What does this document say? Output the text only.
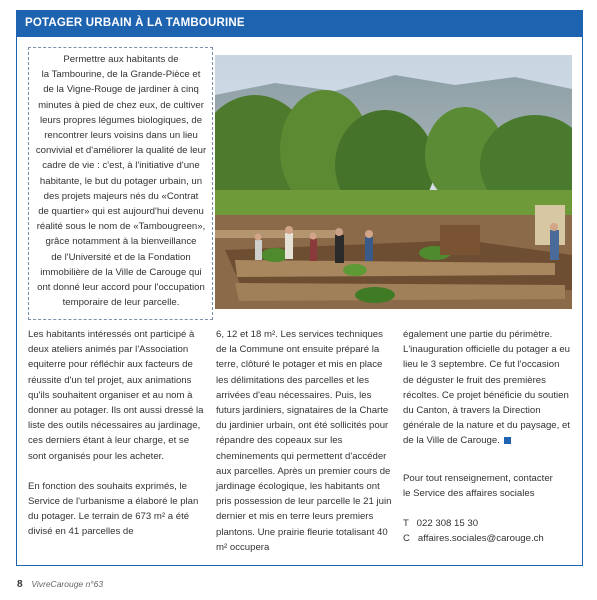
POTAGER URBAIN À LA TAMBOURINE
Permettre aux habitants de
la Tambourine, de la Grande-Pièce et
de la Vigne-Rouge de jardiner à cinq
minutes à pied de chez eux, de cultiver
leurs propres légumes biologiques, de
rencontrer leurs voisins dans un lieu
convivial et d'améliorer la qualité de leur
cadre de vie : c'est, à l'initiative d'une
habitante, le but du potager urbain, un
des projets majeurs nés du «Contrat
de quartier» qui est aujourd'hui devenu
réalité sous le nom de «Tambougreen»,
grâce notamment à la bienveillance
de l'Université et de la Fondation
immobilière de la Ville de Carouge qui
ont donné leur accord pour l'occupation
temporaire de leur parcelle.

Les habitants intéressés ont participé à deux ateliers animés par l'Association equiterre pour réfléchir aux facteurs de réussite d'un tel projet, aux animations qu'ils souhaitent organiser et au nom à donner au potager. Ils ont aussi dressé la liste des outils nécessaires au jardinage, ces derniers étant à leur charge, et se sont organisés pour les acheter.

En fonction des souhaits exprimés, le Service de l'urbanisme a élaboré le plan du potager. Le terrain de 673 m² a été divisé en 41 parcelles de

6, 12 et 18 m². Les services techniques de la Commune ont ensuite préparé la terre, clôturé le potager et mis en place les délimitations des parcelles et les arrivées d'eau nécessaires. Puis, les futurs jardiniers, signataires de la Charte du jardinier urbain, ont été sollicités pour répandre des copeaux sur les cheminements qui permettent d'accéder aux parcelles. Après un premier cours de jardinage écologique, les habitants ont pris possession de leur parcelle le 21 juin dernier et mis en terre leurs premiers plantons. Une prairie fleurie totalisant 40 m² occupera

également une partie du périmètre. L'inauguration officielle du potager a eu lieu le 3 septembre. Ce fut l'occasion de déguster le fruit des premières récoltes. Ce projet bénéficie du soutien du Canton, à travers la Direction générale de la nature et du paysage, et de la Ville de Carouge.

Pour tout renseignement, contacter
le Service des affaires sociales
T   022 308 15 30
C   affaires.sociales@carouge.ch
8 VivreCarouge n°63
